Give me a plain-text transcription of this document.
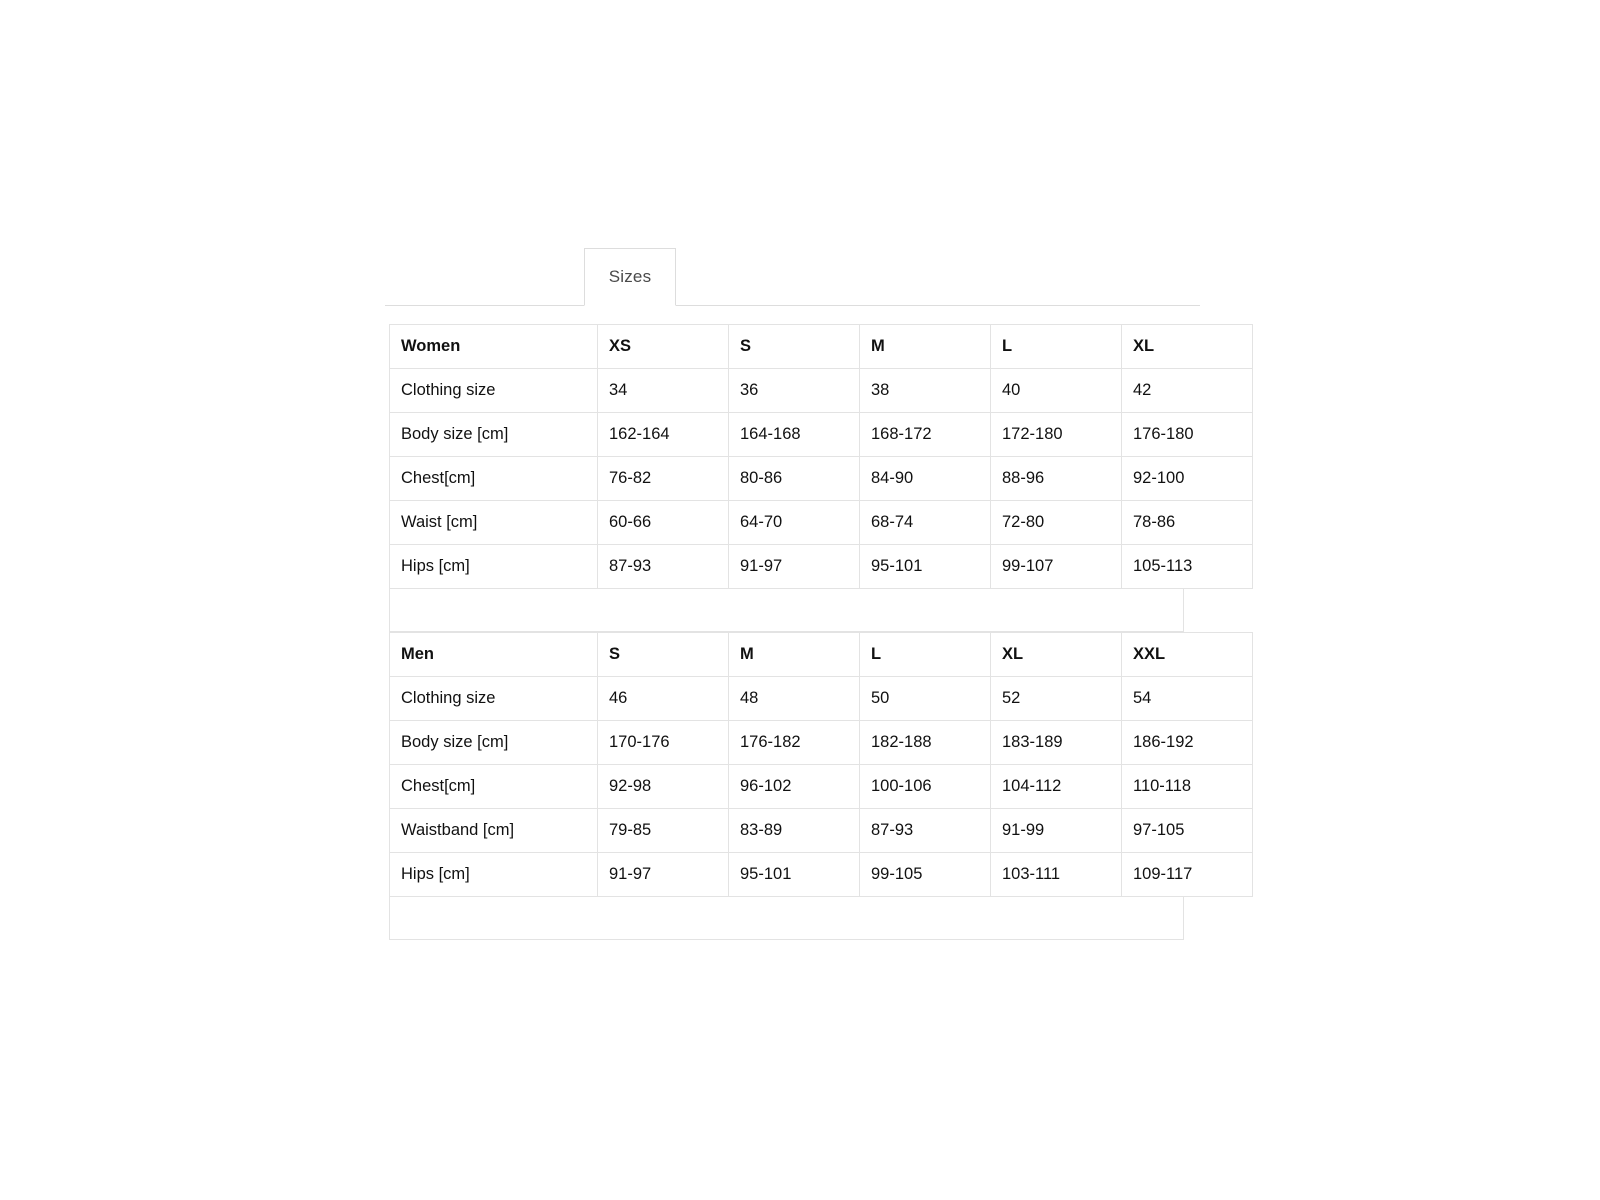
Sizes
Women	XS	S	M	L	XL
Clothing size	34	36	38	40	42
Body size [cm]	162-164	164-168	168-172	172-180	176-180
Chest[cm]	76-82	80-86	84-90	88-96	92-100
Waist [cm]	60-66	64-70	68-74	72-80	78-86
Hips [cm]	87-93	91-97	95-101	99-107	105-113
Men	S	M	L	XL	XXL
Clothing size	46	48	50	52	54
Body size [cm]	170-176	176-182	182-188	183-189	186-192
Chest[cm]	92-98	96-102	100-106	104-112	110-118
Waistband [cm]	79-85	83-89	87-93	91-99	97-105
Hips [cm]	91-97	95-101	99-105	103-111	109-117
